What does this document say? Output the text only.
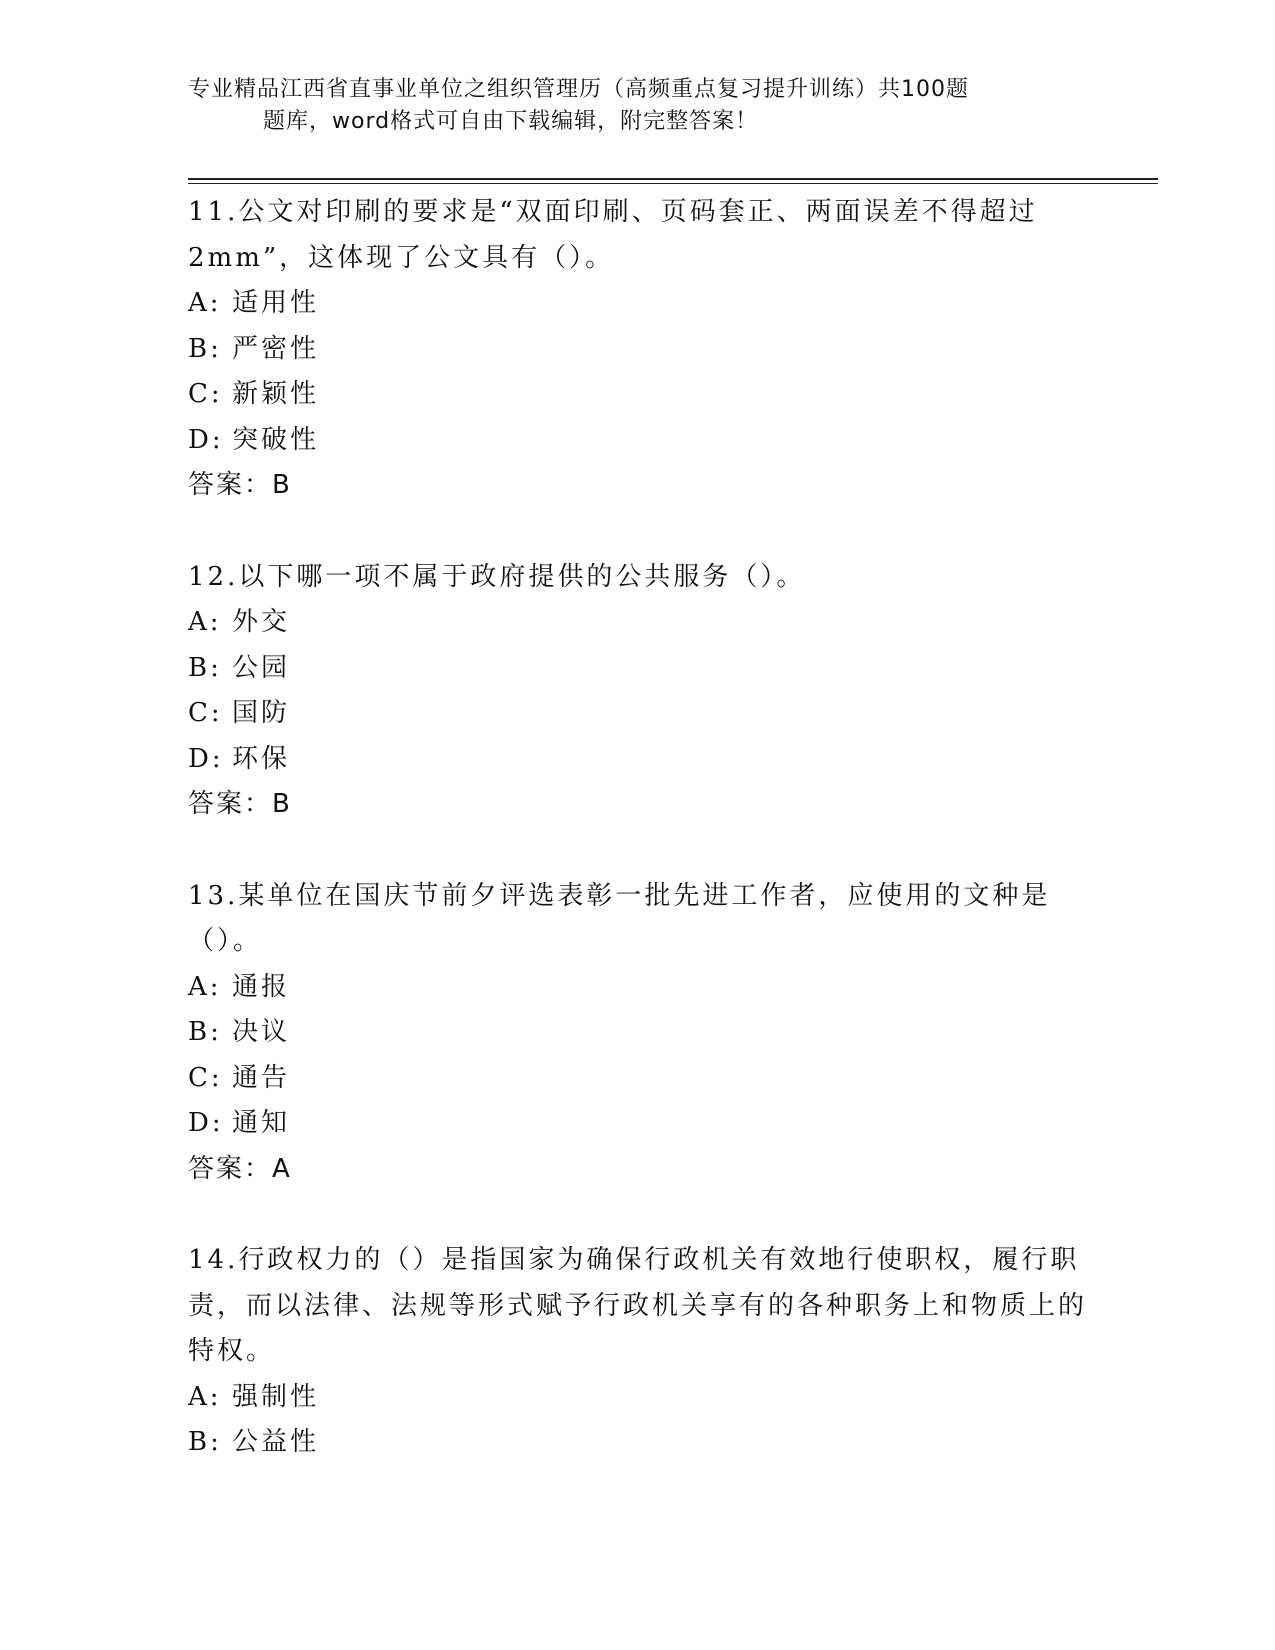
专业精品江西省直事业单位之组织管理历（高频重点复习提升训练）共100题
题库，word格式可自由下载编辑，附完整答案！

11.公文对印刷的要求是“双面印刷、页码套正、两面误差不得超过2mm”，这体现了公文具有（）。

A: 适用性
B: 严密性
C: 新颖性
D: 突破性
答案：B

12.以下哪一项不属于政府提供的公共服务（）。

A: 外交
B: 公园
C: 国防
D: 环保
答案：B

13.某单位在国庆节前夕评选表彰一批先进工作者，应使用的文种是（）。

A: 通报
B: 决议
C: 通告
D: 通知
答案：A

14.行政权力的（）是指国家为确保行政机关有效地行使职权，履行职责，而以法律、法规等形式赋予行政机关享有的各种职务上和物质上的特权。

A: 强制性
B: 公益性
